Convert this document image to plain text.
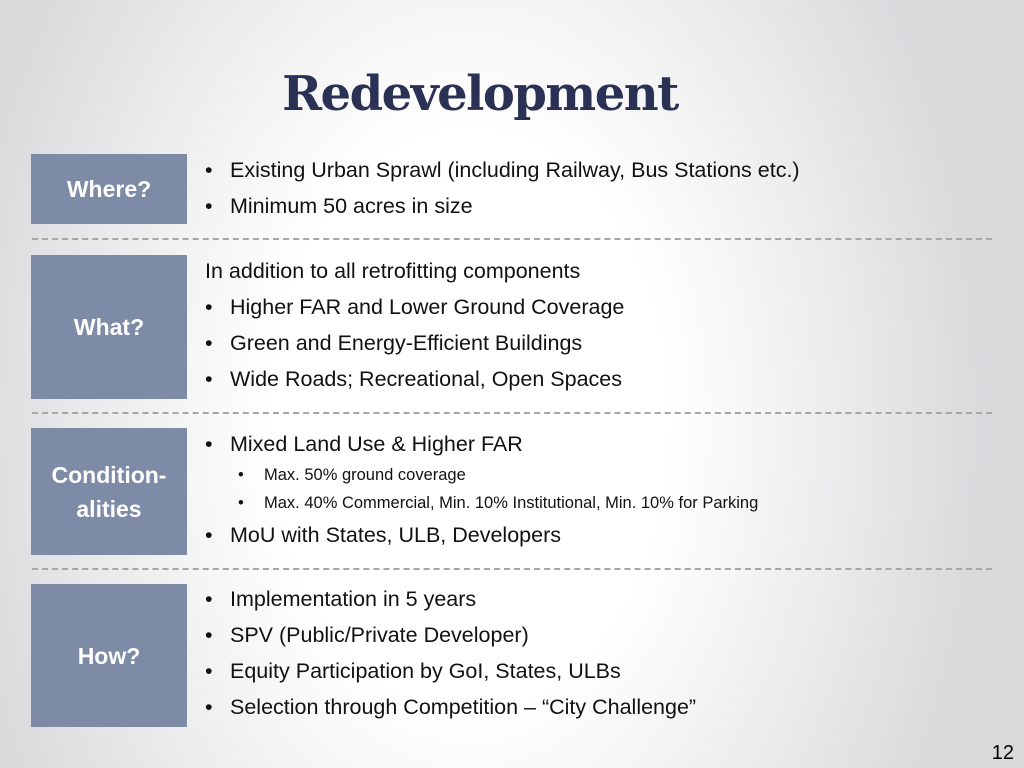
Redevelopment
Where?
• Existing Urban Sprawl (including Railway, Bus Stations etc.)
• Minimum 50 acres in size
What?
In addition to all retrofitting components
• Higher FAR and Lower Ground Coverage
• Green and Energy-Efficient Buildings
• Wide Roads; Recreational, Open Spaces
Condition-
alities
• Mixed Land Use & Higher FAR
• Max. 50% ground coverage
• Max. 40% Commercial, Min. 10% Institutional, Min. 10% for Parking
• MoU with States, ULB, Developers
How?
• Implementation in 5 years
• SPV (Public/Private Developer)
• Equity Participation by GoI, States, ULBs
• Selection through Competition – “City Challenge”
12
